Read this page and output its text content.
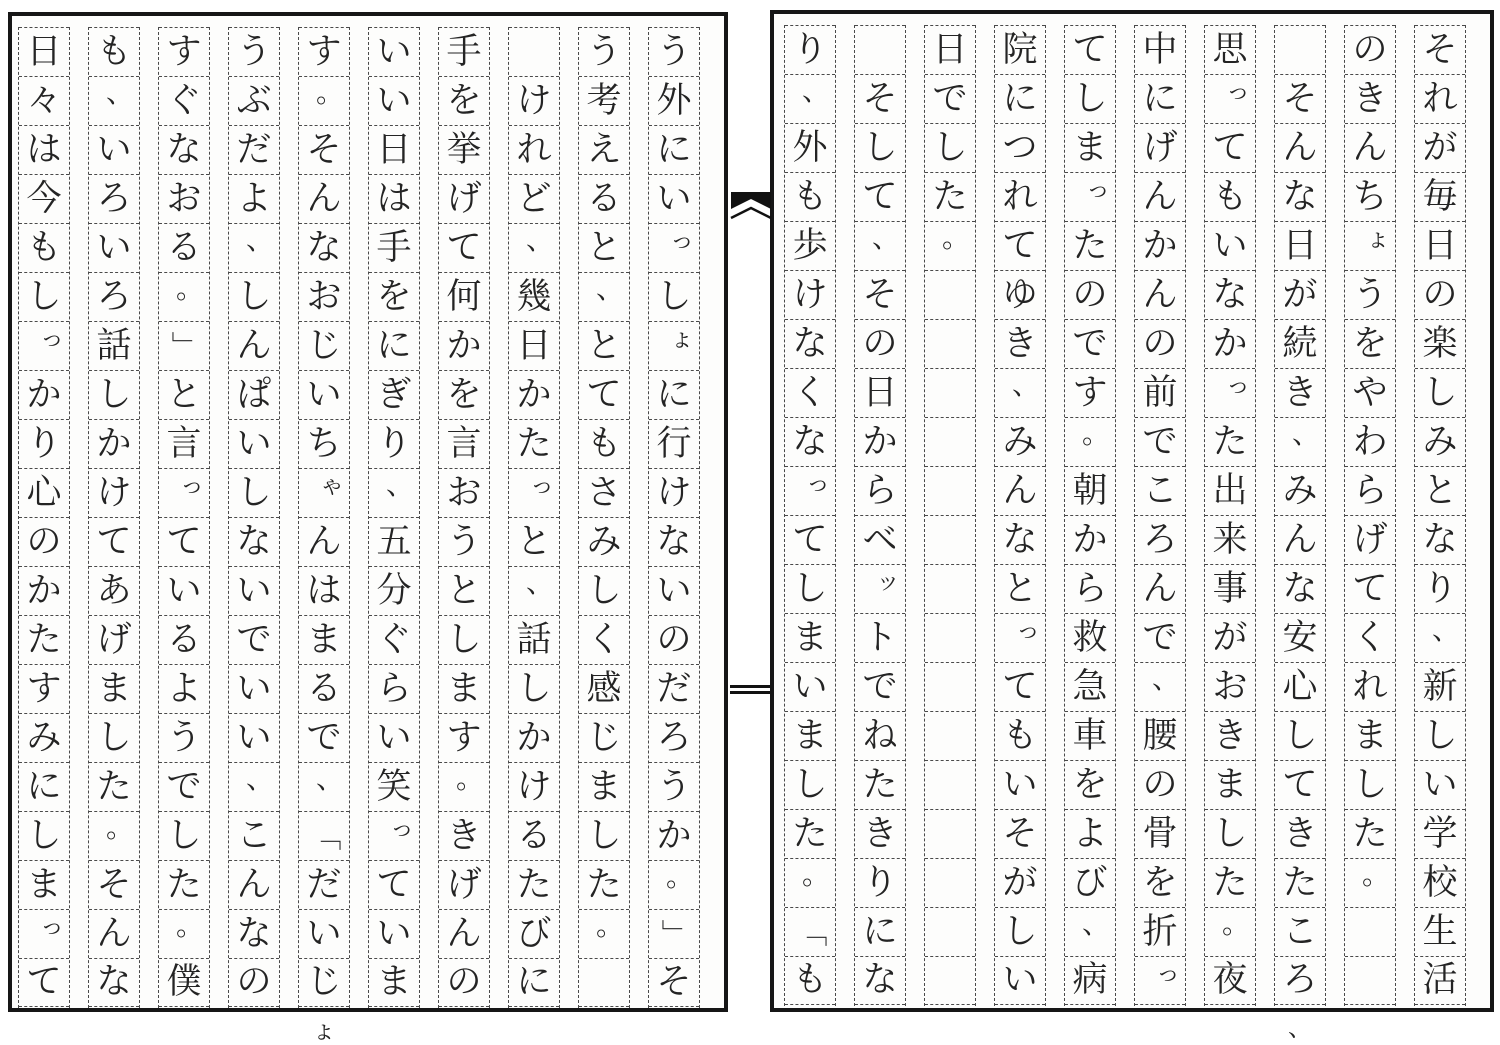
そ
れ
が
毎
日
の
楽
し
み
と
な
り
、
新
し
い
学
校
生
活
の
き
ん
ち
ょ
う
を
や
わ
ら
げ
て
く
れ
ま
し
た
。
そ
ん
な
日
が
続
き
、
み
ん
な
安
心
し
て
き
た
こ
ろ
、
思
っ
て
も
い
な
か
っ
た
出
来
事
が
お
き
ま
し
た
。
夜
中
に
げ
ん
か
ん
の
前
で
こ
ろ
ん
で
、
腰
の
骨
を
折
っ
て
し
ま
っ
た
の
で
す
。
朝
か
ら
救
急
車
を
よ
び
、
病
院
に
つ
れ
て
ゆ
き
、
み
ん
な
と
っ
て
も
い
そ
が
し
い
日
で
し
た
。
そ
し
て
、
そ
の
日
か
ら
ベ
ッ
ト
で
ね
た
き
り
に
な
り
、
外
も
歩
け
な
く
な
っ
て
し
ま
い
ま
し
た
。
「
も
う
外
に
い
っ
し
ょ
に
行
け
な
い
の
だ
ろ
う
か
。
」
そ
う
考
え
る
と
、
と
て
も
さ
み
し
く
感
じ
ま
し
た
。
け
れ
ど
、
幾
日
か
た
っ
と
、
話
し
か
け
る
た
び
に
手
を
挙
げ
て
何
か
を
言
お
う
と
し
ま
す
。
き
げ
ん
の
い
い
日
は
手
を
に
ぎ
り
、
五
分
ぐ
ら
い
笑
っ
て
い
ま
す
。
そ
ん
な
お
じ
い
ち
ゃ
ん
は
ま
る
で
、
「
だ
い
じ
ょ
う
ぶ
だ
よ
、
し
ん
ぱ
い
し
な
い
で
い
い
、
こ
ん
な
の
す
ぐ
な
お
る
。
」
と
言
っ
て
い
る
よ
う
で
し
た
。
僕
も
、
い
ろ
い
ろ
話
し
か
け
て
あ
げ
ま
し
た
。
そ
ん
な
日
々
は
今
も
し
っ
か
り
心
の
か
た
す
み
に
し
ま
っ
て
